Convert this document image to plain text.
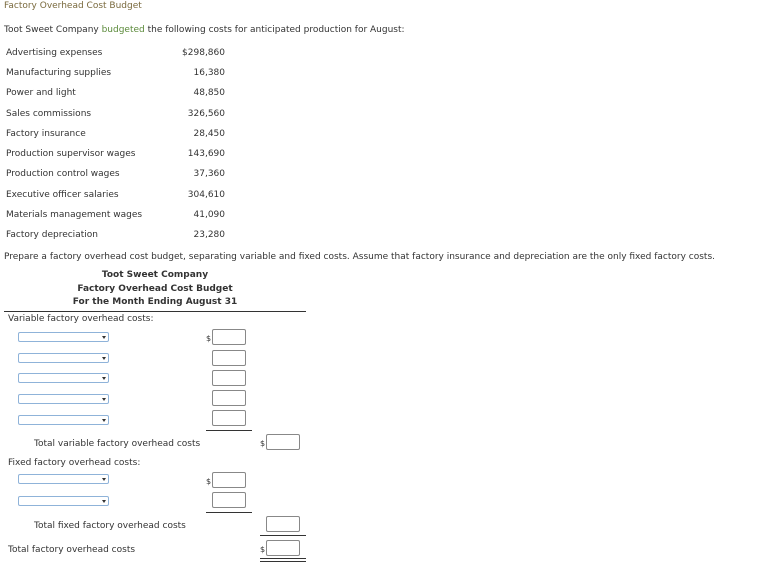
Factory Overhead Cost Budget
Toot Sweet Company budgeted the following costs for anticipated production for August:
Advertising expenses	$298,860
Manufacturing supplies	16,380
Power and light	48,850
Sales commissions	326,560
Factory insurance	28,450
Production supervisor wages	143,690
Production control wages	37,360
Executive officer salaries	304,610
Materials management wages	41,090
Factory depreciation	23,280
Prepare a factory overhead cost budget, separating variable and fixed costs. Assume that factory insurance and depreciation are the only fixed factory costs.
Toot Sweet Company
Factory Overhead Cost Budget
For the Month Ending August 31
Variable factory overhead costs:
$
Total variable factory overhead costs	$
Fixed factory overhead costs:
$
Total fixed factory overhead costs
Total factory overhead costs	$
